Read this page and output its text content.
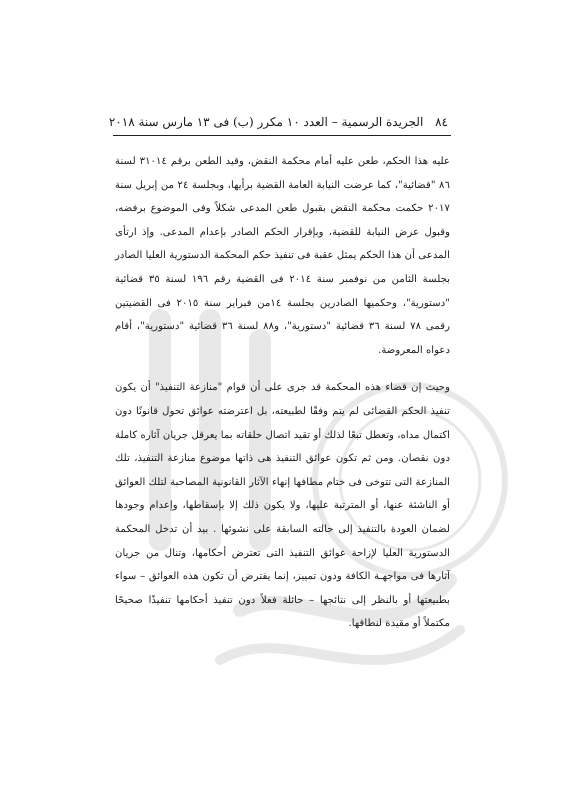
٨٤ الجريدة الرسمية – العدد ١٠ مكرر (ب) فى ١٣ مارس سنة ٢٠١٨

عليه هذا الحكم، طعن عليه أمام محكمة النقض، وقيد الطعن برقم ٣١٠١٤ لسنة ٨٦ "قضائية"، كما عرضت النيابة العامة القضية برأيها، وبجلسة ٢٤ من إبريل سنة ٢٠١٧ حكمت محكمة النقض بقبول طعن المدعى شكلاً وفى الموضوع برفضه، وقبول عرض النيابة للقضية، وبإقرار الحكم الصادر بإعدام المدعى. وإذ ارتأى المدعى أن هذا الحكم يمثل عقبة فى تنفيذ حكم المحكمة الدستورية العليا الصادر بجلسة الثامن من نوفمبر سنة ٢٠١٤ فى القضية رقم ١٩٦ لسنة ٣٥ قضائية "دستورية"، وحكميها الصادرين بجلسة ١٤من فبراير سنة ٢٠١٥ فى القضيتين رقمى ٧٨ لسنة ٣٦ قضائية "دستورية"، و٨٨ لسنة ٣٦ قضائية "دستورية"، أقام دعواه المعروضة.

وحيث إن قضاء هذه المحكمة قد جرى على أن قوام "منازعة التنفيذ" أن يكون تنفيذ الحكم القضائى لم يتم وفقًا لطبيعته، بل اعترضته عوائق تحول قانونًا دون اكتمال مداه، وتعطل تبعًا لذلك أو تقيد اتصال حلقاته بما يعرقل جريان آثاره كاملة دون نقصان. ومن ثم تكون عوائق التنفيذ هى ذاتها موضوع منازعة التنفيذ، تلك المنازعة التى تتوخى فى ختام مطافها إنهاء الآثار القانونية المصاحبة لتلك العوائق أو الناشئة عنها، أو المترتبة عليها، ولا يكون ذلك إلا بإسقاطها، وإعدام وجودها لضمان العودة بالتنفيذ إلى حالته السابقة على نشوئها . بيد أن تدخل المحكمة الدستورية العليا لإزاحة عوائق التنفيذ التى تعترض أحكامها، وتنال من جريان آثارها فى مواجهـة الكافة ودون تمييز، إنما يفترض أن تكون هذه العوائق – سواء بطبيعتها أو بالنظر إلى نتائجها – حائلة فعلاً دون تنفيذ أحكامها تنفيذًا صحيحًا مكتملاً أو مقيدة لنطاقها.
